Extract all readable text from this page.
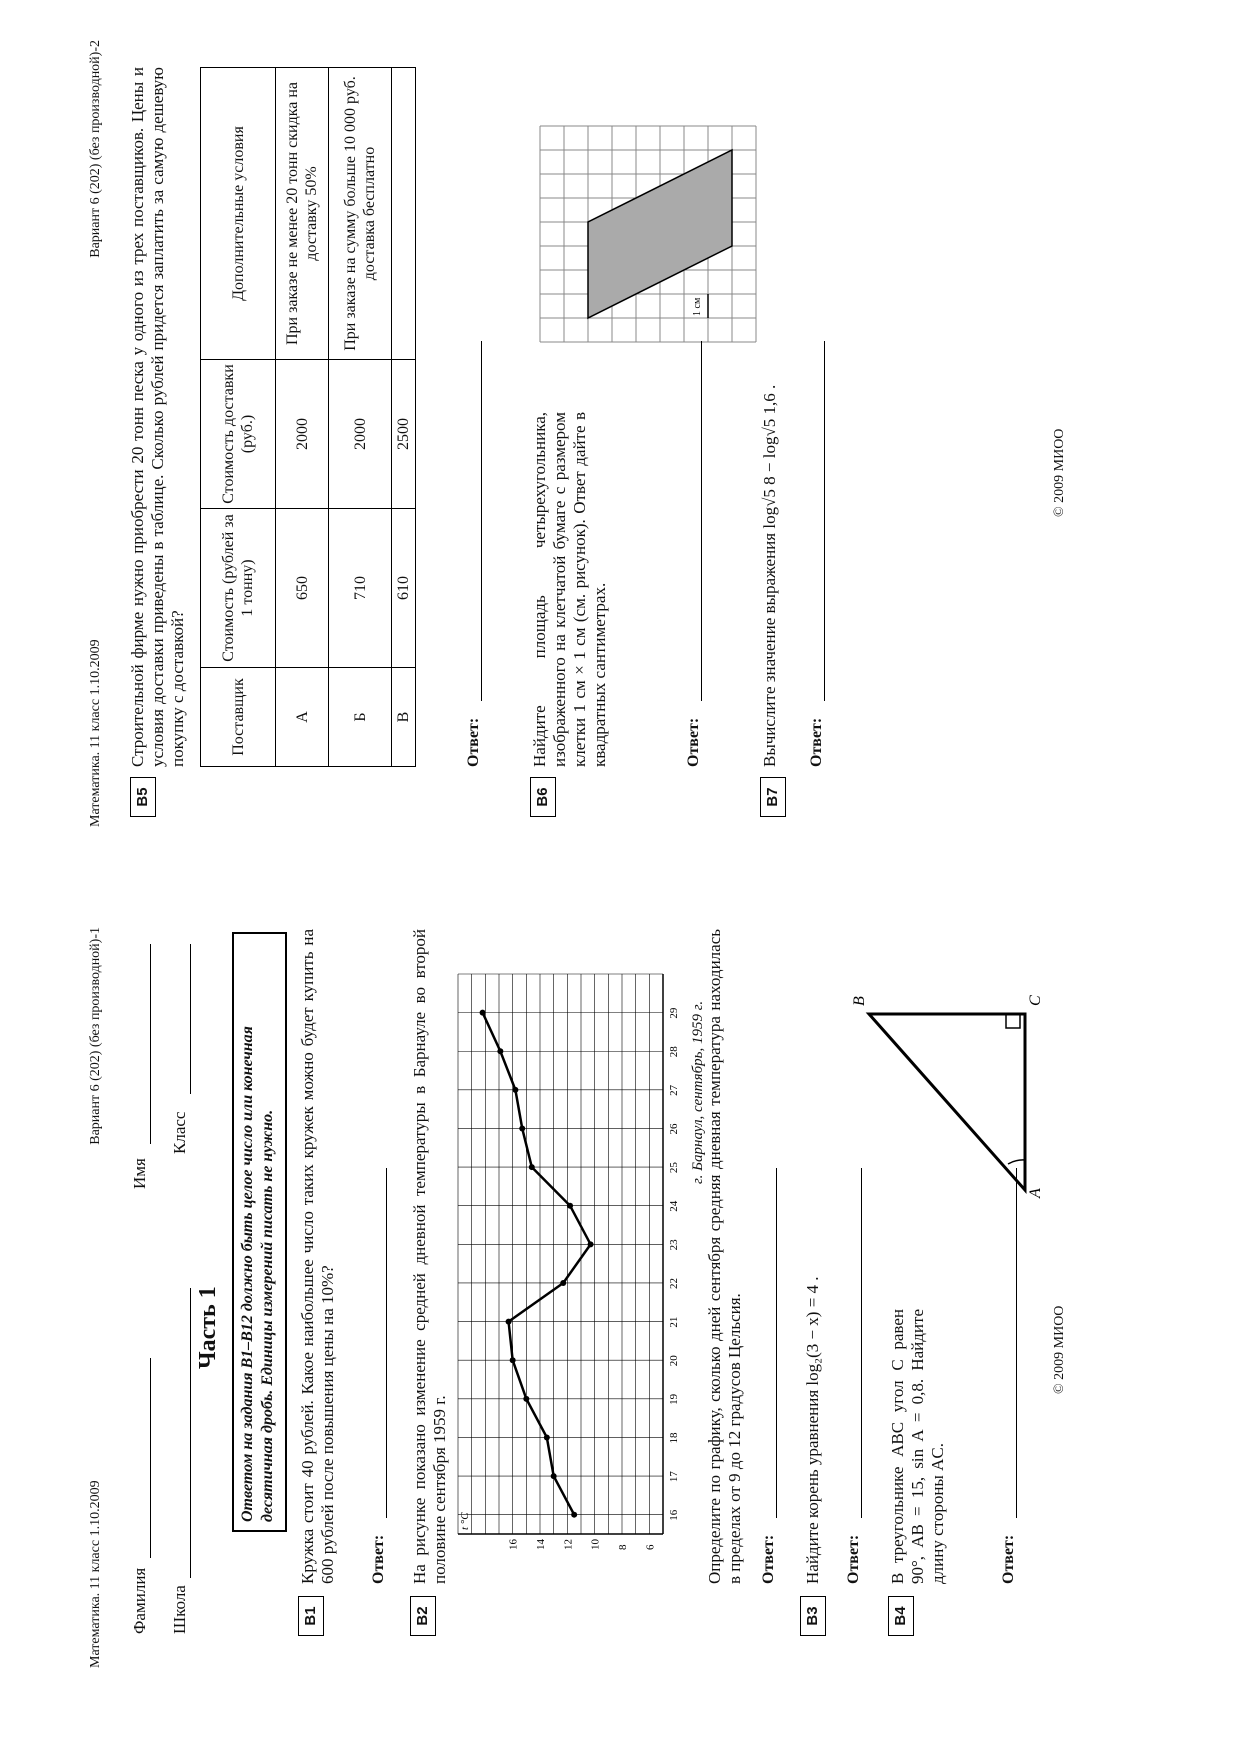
Математика. 11 класс 1.10.2009
Вариант 6 (202) (без производной)-1
Фамилия
Имя
Школа
Класс
Часть 1	Ответом на задания В1–В12 должно быть целое число или конечная десятичная дробь. Единицы измерений писать не нужно.
В1
Кружка стоит 40 рублей. Какое наибольшее число таких кружек можно будет купить на 600 рублей после повышения цены на 10%? Ответ:
В2
На рисунке показано изменение средней дневной температуры в Барнауле во второй половине сентября 1959 г.	6
8
10
12
14
16
16
17
18
19
20
21
22
23
24
25
26
27
28
29
t °C
г. Барнаул, сентябрь, 1959 г. Определите по графику, сколько дней сентября средняя дневная температура находилась в пределах от 9 до 12 градусов Цельсия. Ответ:
В3
Найдите корень уравнения log₂(3 − x) = 4 . Ответ:
В4
В треугольнике ABC угол C равен 90°, AB = 15, sin A = 0,8. Найдите длину стороны AC.	Ответ:
A
C
B
© 2009 МИОО
Математика. 11 класс 1.10.2009
Вариант 6 (202) (без производной)-2
В5
Строительной фирме нужно приобрести 20 тонн песка у одного из трех поставщиков. Цены и условия доставки приведены в таблице. Сколько рублей придется заплатить за самую дешевую покупку с доставкой?	Поставщик	Стоимость (рублей за 1 тонну)	Стоимость доставки (руб.)	Дополнительные условия
А	650	2000	При заказе не менее 20 тонн скидка на доставку 50%
Б	710	2000	При заказе на сумму больше 10 000 руб. доставка бесплатно
В	610	2500	
Ответ:
В6
Найдите площадь четырехугольника, изображенного на клетчатой бумаге с размером клетки 1 см × 1 см (см. рисунок). Ответ дайте в квадратных сантиметрах.
1 см
Ответ:
В7
Вычислите значение выражения log√5 8 − log√5 1,6 . Ответ:
© 2009 МИОО
